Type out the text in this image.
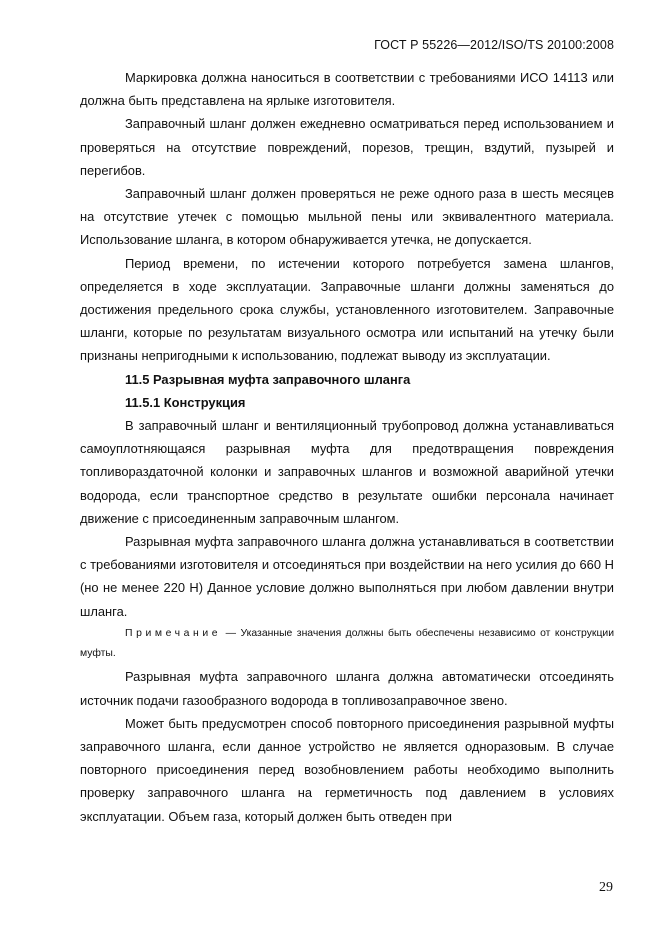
ГОСТ Р 55226—2012/ISO/TS 20100:2008

Маркировка должна наноситься в соответствии с требованиями ИСО 14113 или должна быть представлена на ярлыке изготовителя.

Заправочный шланг должен ежедневно осматриваться перед использованием и проверяться на отсутствие повреждений, порезов, трещин, вздутий, пузырей и перегибов.

Заправочный шланг должен проверяться не реже одного раза в шесть месяцев на отсутствие утечек с помощью мыльной пены или эквивалентного материала. Использование шланга, в котором обнаруживается утечка, не допускается.

Период времени, по истечении которого потребуется замена шлангов, определяется в ходе эксплуатации. Заправочные шланги должны заменяться до достижения предельного срока службы, установленного изготовителем. Заправочные шланги, которые по результатам визуального осмотра или испытаний на утечку были признаны непригодными к использованию, подлежат выводу из эксплуатации.

11.5 Разрывная муфта заправочного шланга

11.5.1 Конструкция

В заправочный шланг и вентиляционный трубопровод должна устанавливаться самоуплотняющаяся разрывная муфта для предотвращения повреждения топливораздаточной колонки и заправочных шлангов и возможной аварийной утечки водорода, если транспортное средство в результате ошибки персонала начинает движение с присоединенным заправочным шлангом.

Разрывная муфта заправочного шланга должна устанавливаться в соответствии с требованиями изготовителя и отсоединяться при воздействии на него усилия до 660 Н (но не менее 220 Н) Данное условие должно выполняться при любом давлении внутри шланга.

Примечание — Указанные значения должны быть обеспечены независимо от конструкции муфты.

Разрывная муфта заправочного шланга должна автоматически отсоединять источник подачи газообразного водорода в топливозаправочное звено.

Может быть предусмотрен способ повторного присоединения разрывной муфты заправочного шланга, если данное устройство не является одноразовым. В случае повторного присоединения перед возобновлением работы необходимо выполнить проверку заправочного шланга на герметичность под давлением в условиях эксплуатации. Объем газа, который должен быть отведен при

29
